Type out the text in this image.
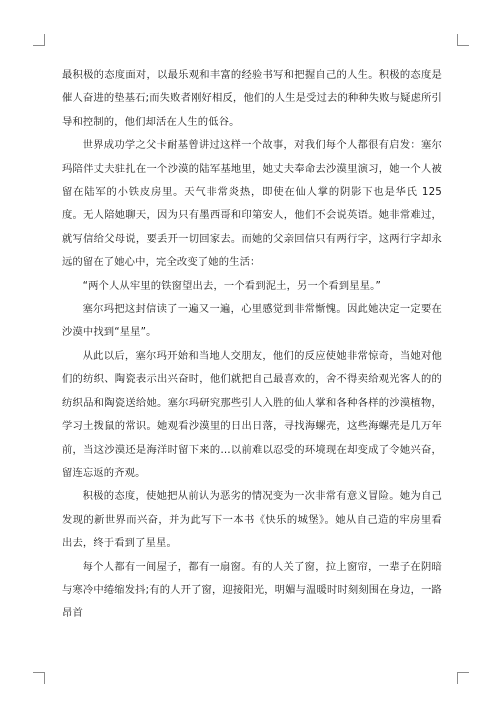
最积极的态度面对，以最乐观和丰富的经验书写和把握自己的人生。积极的态度是催人奋进的垫基石;而失败者刚好相反，他们的人生是受过去的种种失败与疑虑所引导和控制的，他们却活在人生的低谷。

世界成功学之父卡耐基曾讲过这样一个故事，对我们每个人都很有启发：塞尔玛陪伴丈夫驻扎在一个沙漠的陆军基地里，她丈夫奉命去沙漠里演习，她一个人被留在陆军的小铁皮房里。天气非常炎热，即使在仙人掌的阴影下也是华氏 125 度。无人陪她聊天，因为只有墨西哥和印第安人，他们不会说英语。她非常难过，就写信给父母说，要丢开一切回家去。而她的父亲回信只有两行字，这两行字却永远的留在了她心中，完全改变了她的生活：

“两个人从牢里的铁窗望出去，一个看到泥土，另一个看到星星。”

塞尔玛把这封信读了一遍又一遍，心里感觉到非常惭愧。因此她决定一定要在沙漠中找到“星星”。

从此以后，塞尔玛开始和当地人交朋友，他们的反应使她非常惊奇，当她对他们的纺织、陶瓷表示出兴奋时，他们就把自己最喜欢的，舍不得卖给观光客人的的纺织品和陶瓷送给她。塞尔玛研究那些引人入胜的仙人掌和各种各样的沙漠植物，学习土拨鼠的常识。她观看沙漠里的日出日落，寻找海螺壳，这些海螺壳是几万年前，当这沙漠还是海洋时留下来的…以前难以忍受的环境现在却变成了令她兴奋，留连忘返的齐观。

积极的态度，使她把从前认为恶劣的情况变为一次非常有意义冒险。她为自己发现的新世界而兴奋，并为此写下一本书《快乐的城堡》。她从自己造的牢房里看出去，终于看到了星星。

每个人都有一间屋子，都有一扇窗。有的人关了窗，拉上窗帘，一辈子在阴暗与寒冷中绻缩发抖;有的人开了窗，迎接阳光，明媚与温暖时时刻刻围在身边，一路昂首
